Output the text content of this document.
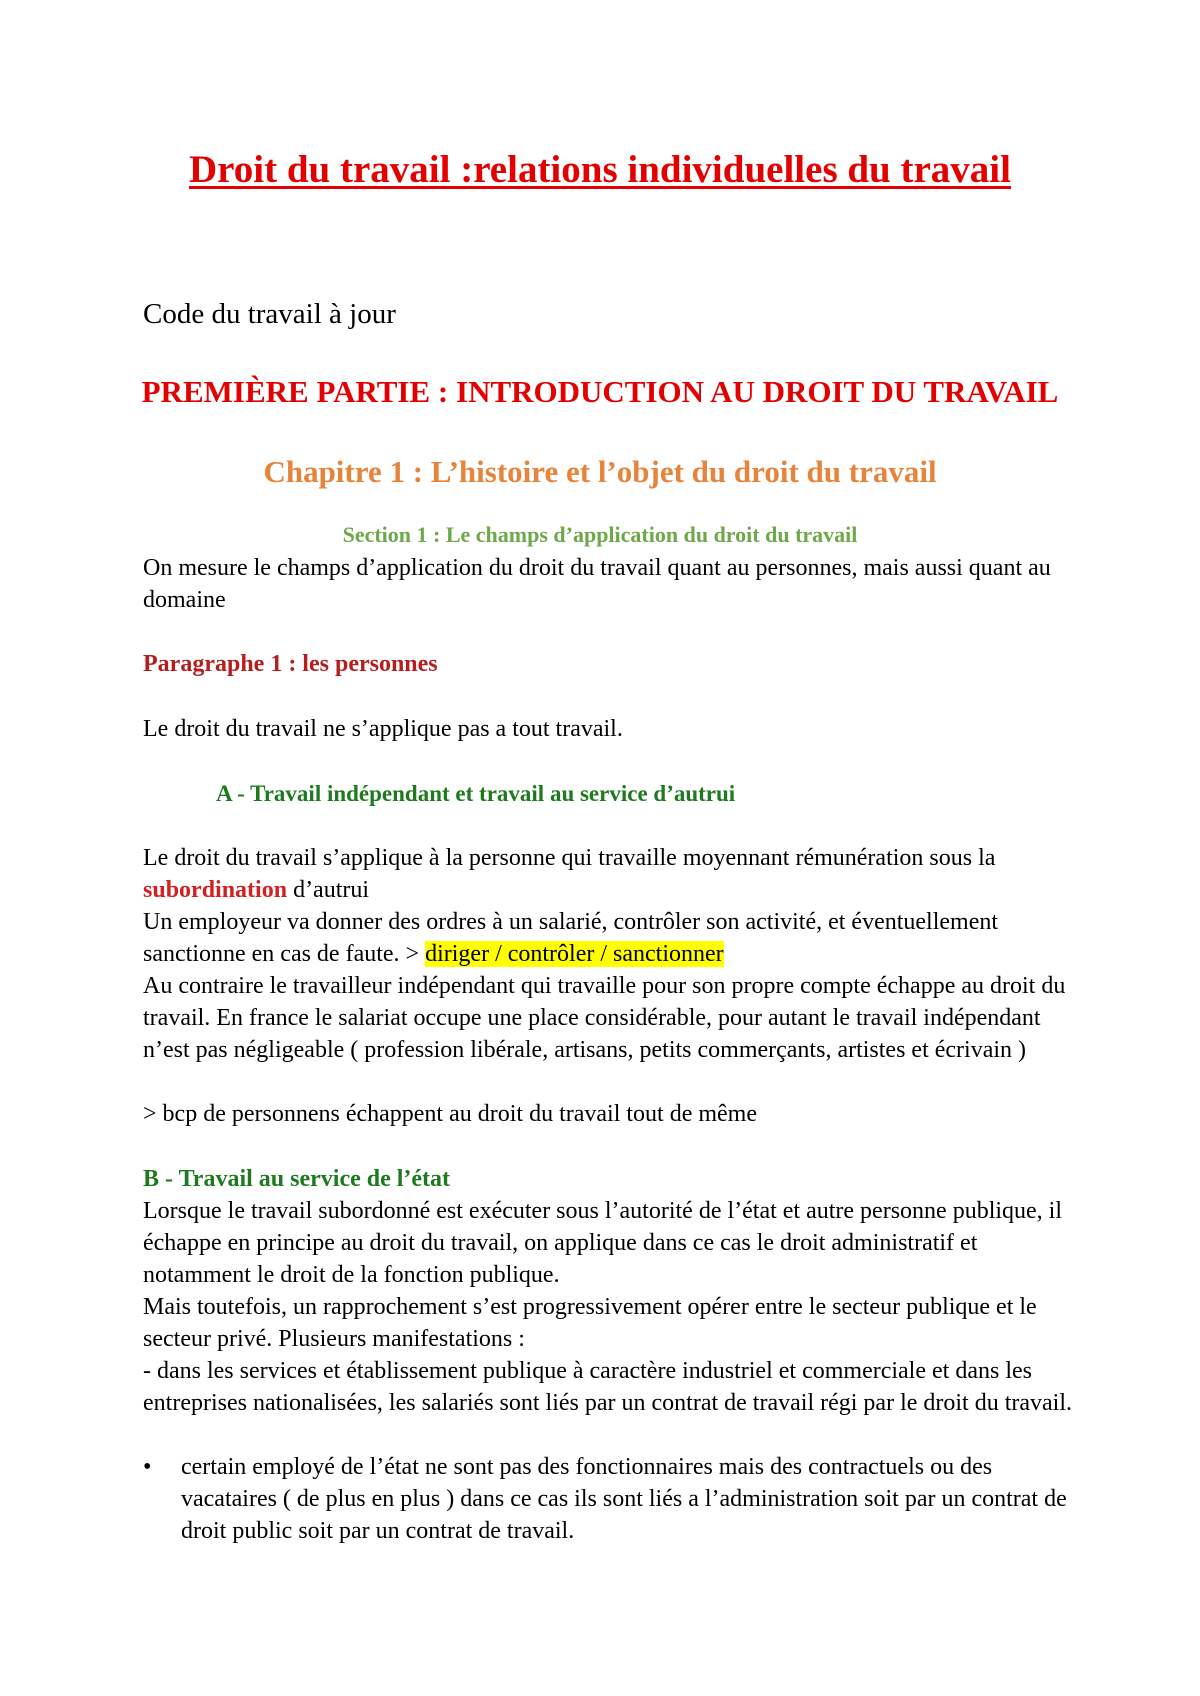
Droit du travail :relations individuelles du travail
Code du travail à jour
PREMIÈRE PARTIE : INTRODUCTION AU DROIT DU TRAVAIL
Chapitre 1 : L’histoire et l’objet du droit du travail
Section 1 : Le champs d’application du droit du travail
On mesure le champs d’application du droit du travail quant au personnes, mais aussi quant au domaine
Paragraphe 1 : les personnes
Le droit du travail ne s’applique pas a tout travail.
A - Travail indépendant et travail au service d’autrui
Le droit du travail s’applique à la personne qui travaille moyennant rémunération sous la subordination d’autrui
Un employeur va donner des ordres à un salarié, contrôler son activité, et éventuellement sanctionne en cas de faute. > diriger / contrôler / sanctionner
Au contraire le travailleur indépendant qui travaille pour son propre compte échappe au droit du travail. En france le salariat occupe une place considérable, pour autant le travail indépendant n’est pas négligeable ( profession libérale, artisans, petits commerçants, artistes et écrivain )
> bcp de personnens échappent au droit du travail tout de même
B - Travail au service de l’état
Lorsque le travail subordonné est exécuter sous l’autorité de l’état et autre personne publique, il échappe en principe au droit du travail, on applique dans ce cas le droit administratif et notamment le droit de la fonction publique.
Mais toutefois, un rapprochement s’est progressivement opérer entre le secteur publique et le secteur privé. Plusieurs manifestations :
- dans les services et établissement publique à caractère industriel et commerciale et dans les entreprises nationalisées, les salariés sont liés par un contrat de travail régi par le droit du travail.
•	certain employé de l’état ne sont pas des fonctionnaires mais des contractuels ou des vacataires ( de plus en plus ) dans ce cas ils sont liés a l’administration soit par un contrat de droit public soit par un contrat de travail.
